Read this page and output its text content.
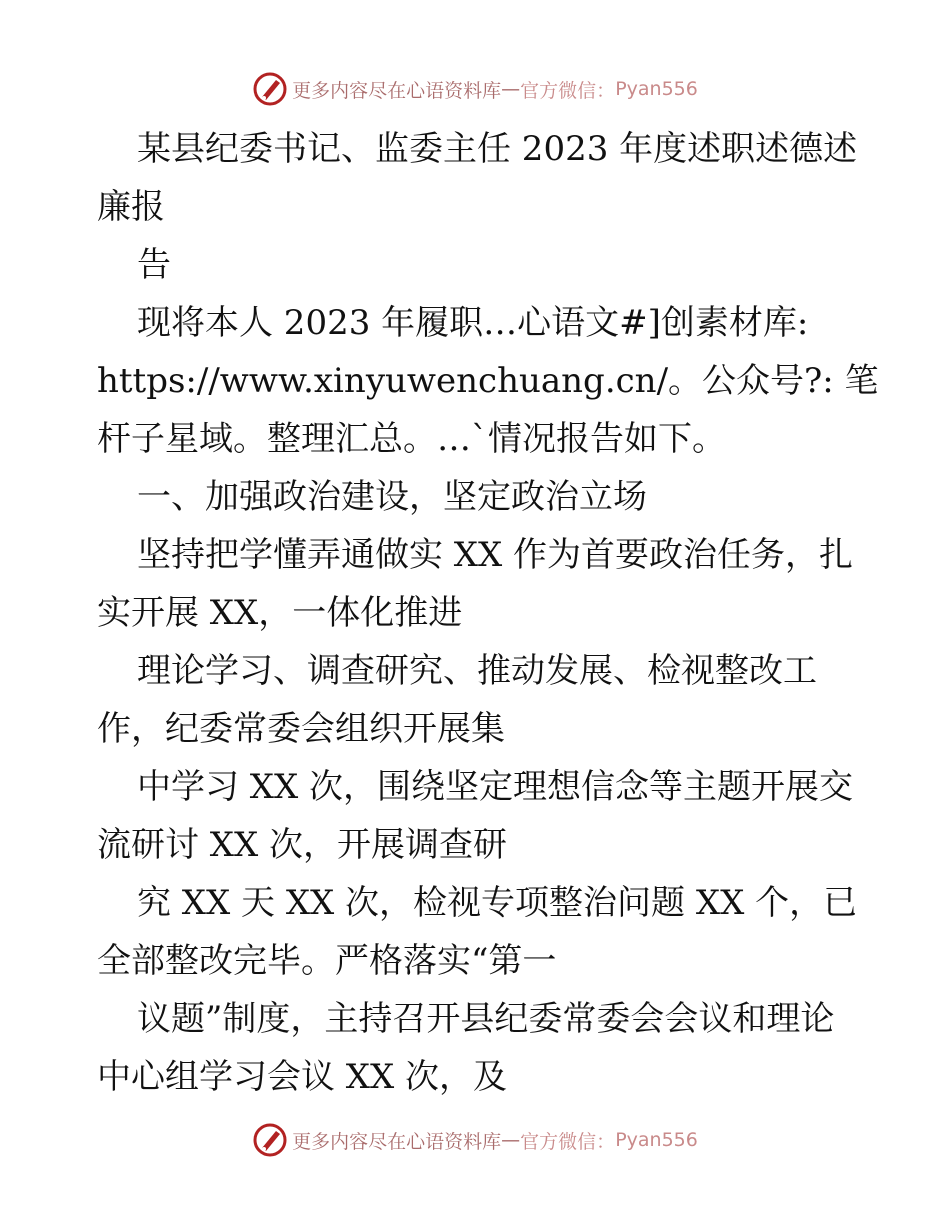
更多内容尽在心语资料库 — 官方微信： Pyan556

某县纪委书记、监委主任 2023 年度述职述德述

廉报

告

现将本人 2023 年履职…心语文#]创素材库:

https://www.xinyuwenchuang.cn/。公众号?: 笔

杆子星域。整理汇总。…`情况报告如下。

一、加强政治建设，坚定政治立场

坚持把学懂弄通做实 XX 作为首要政治任务，扎

实开展 XX，一体化推进

理论学习、调查研究、推动发展、检视整改工

作，纪委常委会组织开展集

中学习 XX 次，围绕坚定理想信念等主题开展交

流研讨 XX 次，开展调查研

究 XX 天 XX 次，检视专项整治问题 XX 个，已

全部整改完毕。严格落实“第一

议题”制度，主持召开县纪委常委会会议和理论

中心组学习会议 XX 次，及

更多内容尽在心语资料库 — 官方微信： Pyan556
